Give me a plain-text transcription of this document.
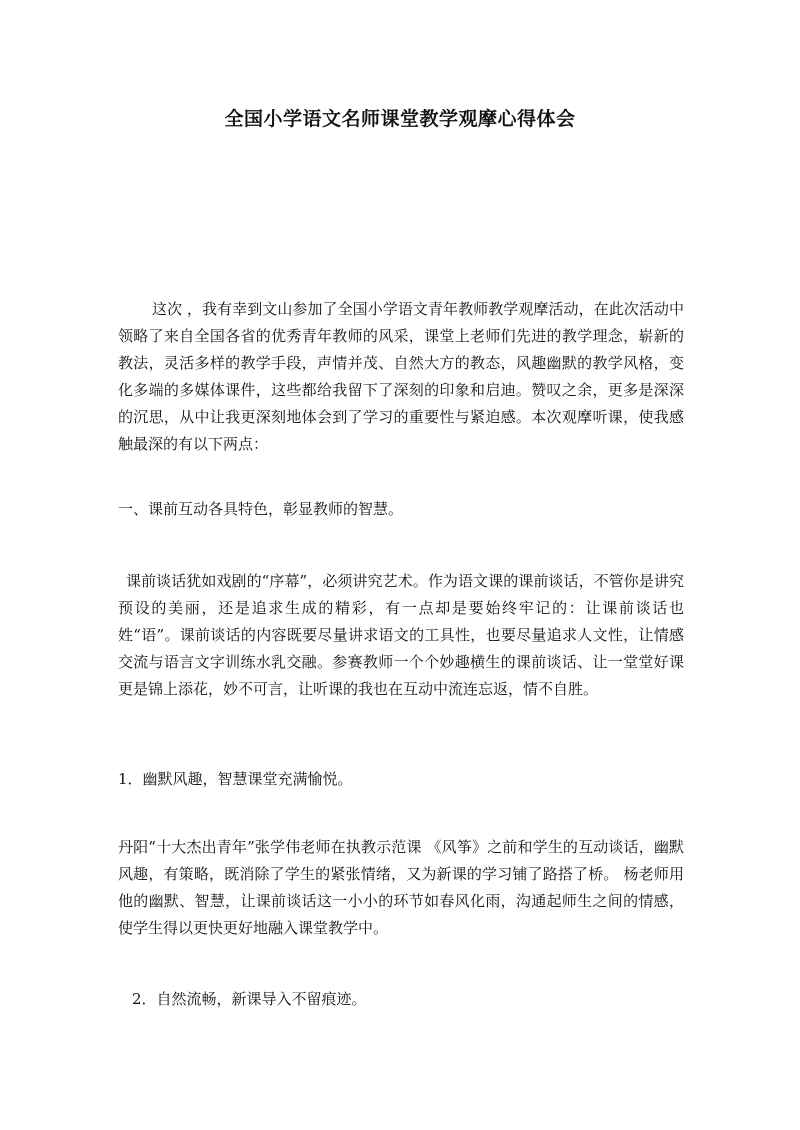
全国小学语文名师课堂教学观摩心得体会

这次 ，我有幸到文山参加了全国小学语文青年教师教学观摩活动，在此次活动中领略了来自全国各省的优秀青年教师的风采，课堂上老师们先进的教学理念，崭新的教法，灵活多样的教学手段，声情并茂、自然大方的教态，风趣幽默的教学风格，变化多端的多媒体课件，这些都给我留下了深刻的印象和启迪。赞叹之余，更多是深深的沉思，从中让我更深刻地体会到了学习的重要性与紧迫感。本次观摩听课，使我感触最深的有以下两点：

一、课前互动各具特色，彰显教师的智慧。

课前谈话犹如戏剧的“序幕”，必须讲究艺术。作为语文课的课前谈话，不管你是讲究预设的美丽，还是追求生成的精彩，有一点却是要始终牢记的：让课前谈话也姓“语”。课前谈话的内容既要尽量讲求语文的工具性，也要尽量追求人文性，让情感交流与语言文字训练水乳交融。参赛教师一个个妙趣横生的课前谈话、让一堂堂好课更是锦上添花，妙不可言，让听课的我也在互动中流连忘返，情不自胜。

1．幽默风趣，智慧课堂充满愉悦。

丹阳“十大杰出青年”张学伟老师在执教示范课 《风筝》之前和学生的互动谈话，幽默风趣，有策略，既消除了学生的紧张情绪，又为新课的学习铺了路搭了桥。 杨老师用他的幽默、智慧，让课前谈话这一小小的环节如春风化雨，沟通起师生之间的情感，使学生得以更快更好地融入课堂教学中。

2．自然流畅，新课导入不留痕迹。
